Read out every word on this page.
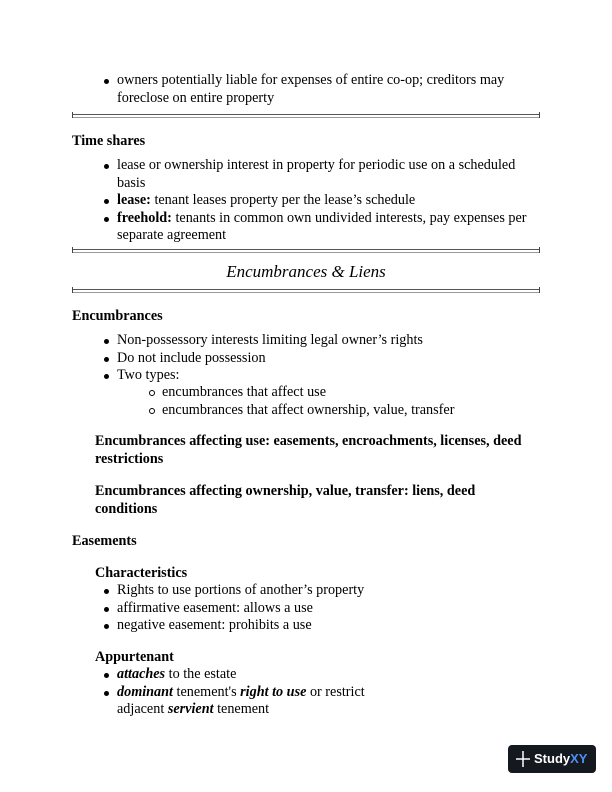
owners potentially liable for expenses of entire co-op; creditors may foreclose on entire property
Time shares
lease or ownership interest in property for periodic use on a scheduled basis
lease: tenant leases property per the lease’s schedule
freehold: tenants in common own undivided interests, pay expenses per separate agreement
Encumbrances & Liens
Encumbrances
Non-possessory interests limiting legal owner’s rights
Do not include possession
Two types:
encumbrances that affect use
encumbrances that affect ownership, value, transfer
Encumbrances affecting use: easements, encroachments, licenses, deed restrictions
Encumbrances affecting ownership, value, transfer: liens, deed conditions
Easements
Characteristics
Rights to use portions of another’s property
affirmative easement: allows a use
negative easement: prohibits a use
Appurtenant
attaches to the estate
dominant tenement's right to use or restrict
adjacent servient tenement
StudyXY
